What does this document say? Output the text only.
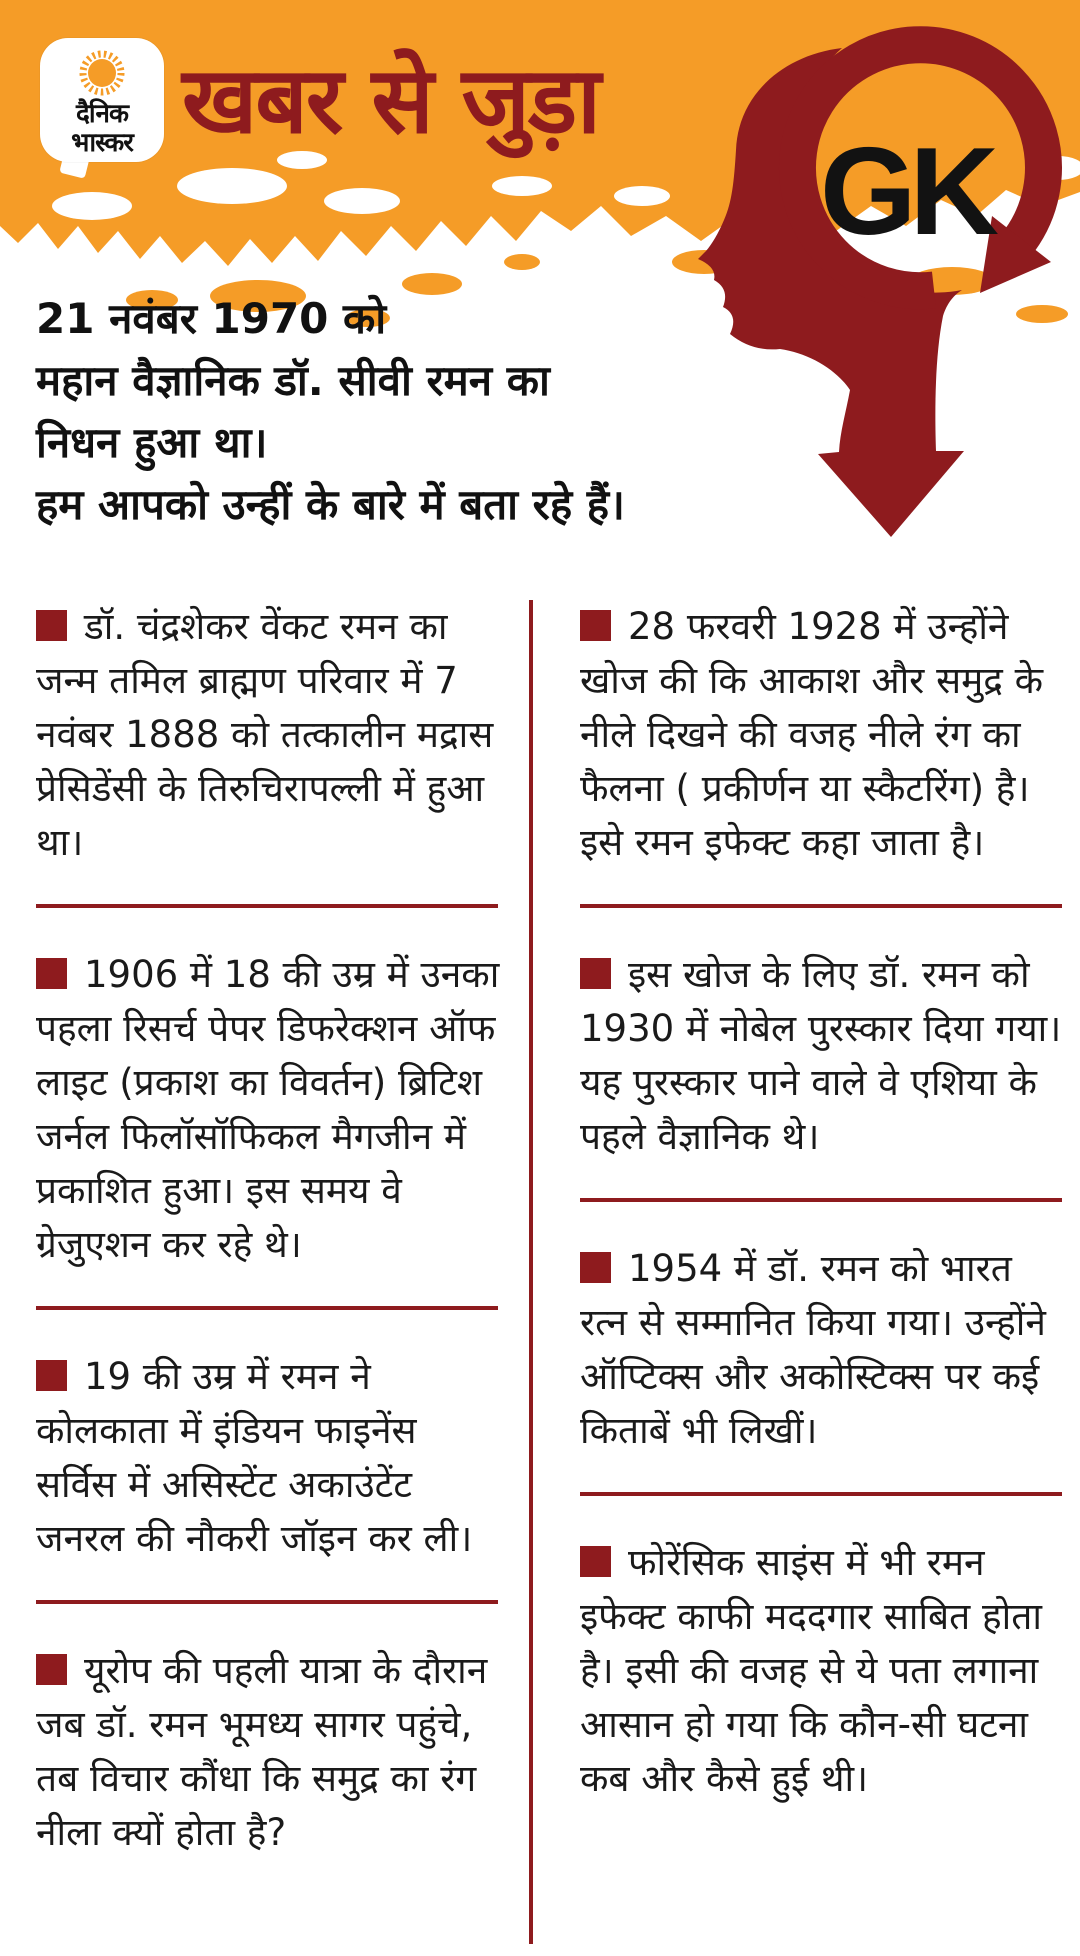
दैनिक
भास्कर खबर से जुड़ा
GK
21 नवंबर 1970 को
महान वैज्ञानिक डॉ. सीवी रमन का
निधन हुआ था।
हम आपको उन्हीं के बारे में बता रहे हैं।
डॉ. चंद्रशेकर वेंकट रमन का जन्म तमिल ब्राह्मण परिवार में 7 नवंबर 1888 को तत्कालीन मद्रास प्रेसिडेंसी के तिरुचिरापल्ली में हुआ था।
1906 में 18 की उम्र में उनका पहला रिसर्च पेपर डिफरेक्शन ऑफ लाइट (प्रकाश का विवर्तन) ब्रिटिश जर्नल फिलॉसॉफिकल मैगजीन में प्रकाशित हुआ। इस समय वे ग्रेजुएशन कर रहे थे।
19 की उम्र में रमन ने कोलकाता में इंडियन फाइनेंस सर्विस में असिस्टेंट अकाउंटेंट जनरल की नौकरी जॉइन कर ली।
यूरोप की पहली यात्रा के दौरान जब डॉ. रमन भूमध्य सागर पहुंचे, तब विचार कौंधा कि समुद्र का रंग नीला क्यों होता है?
28 फरवरी 1928 में उन्होंने खोज की कि आकाश और समुद्र के नीले दिखने की वजह नीले रंग का फैलना ( प्रकीर्णन या स्कैटरिंग) है। इसे रमन इफेक्ट कहा जाता है।
इस खोज के लिए डॉ. रमन को 1930 में नोबेल पुरस्कार दिया गया। यह पुरस्कार पाने वाले वे एशिया के पहले वैज्ञानिक थे।
1954 में डॉ. रमन को भारत रत्न से सम्मानित किया गया। उन्होंने ऑप्टिक्स और अकोस्टिक्स पर कई किताबें भी लिखीं।
फोरेंसिक साइंस में भी रमन इफेक्ट काफी मददगार साबित होता है। इसी की वजह से ये पता लगाना आसान हो गया कि कौन-सी घटना कब और कैसे हुई थी।
